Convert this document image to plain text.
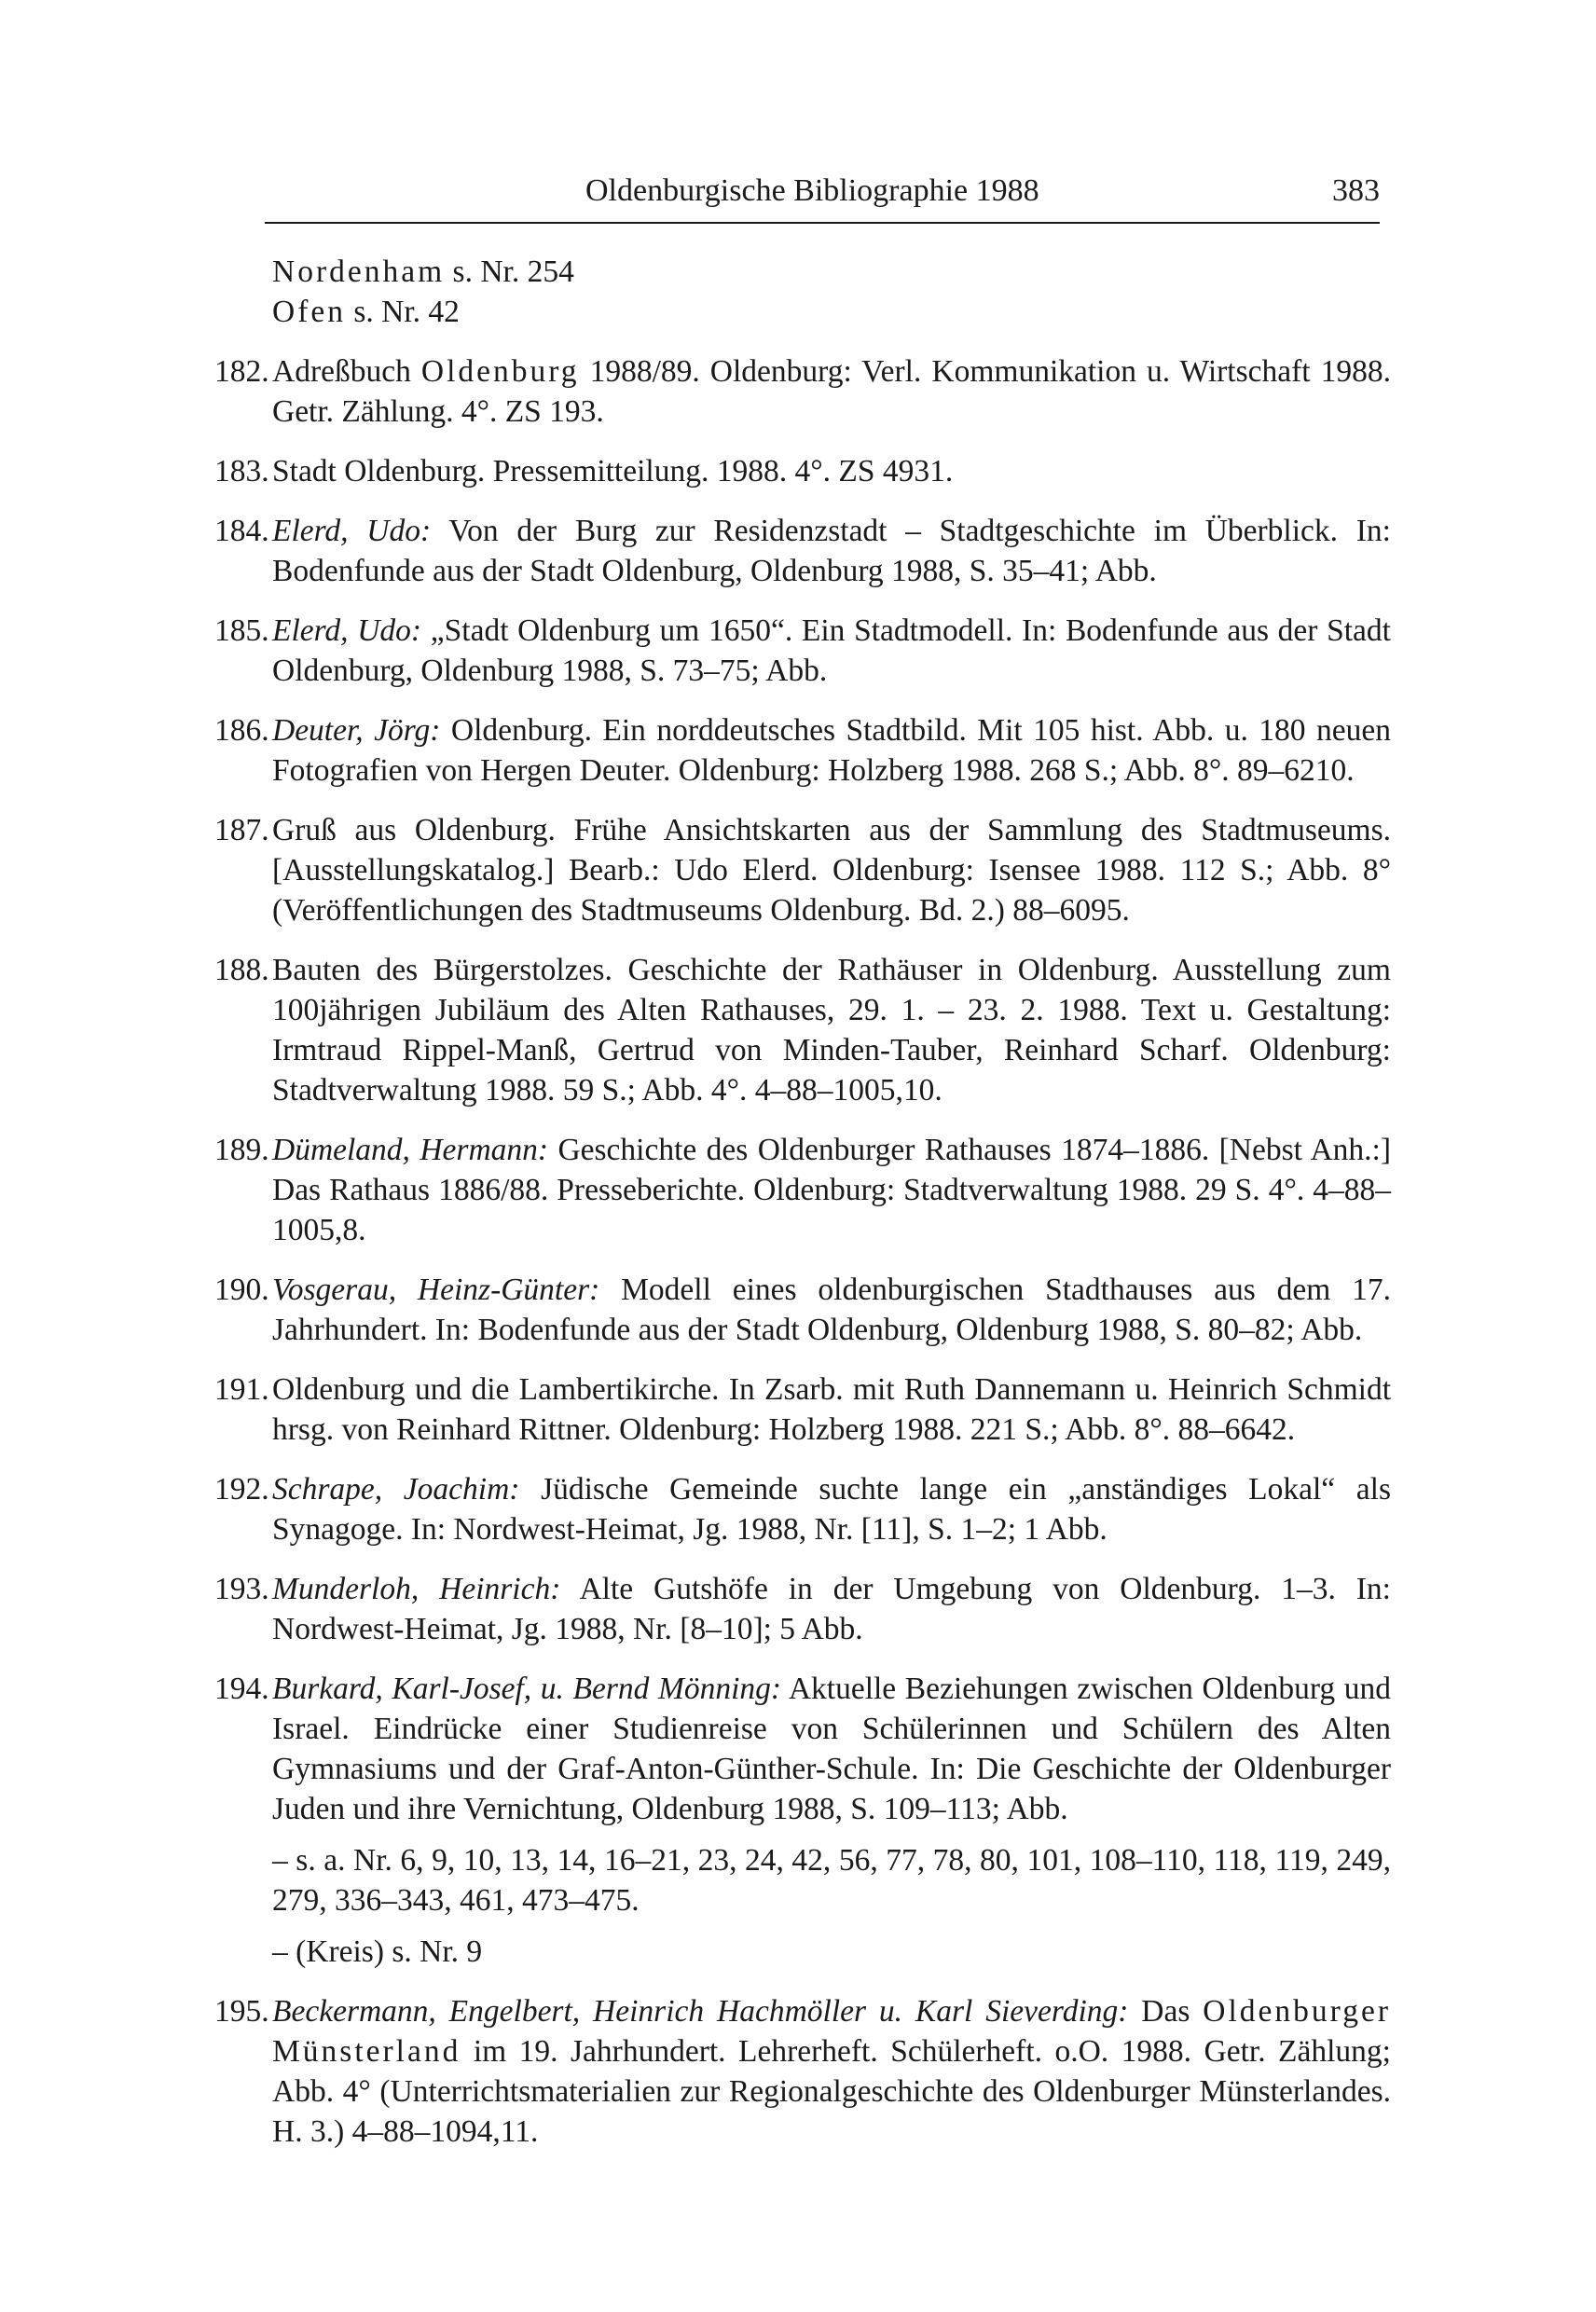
Oldenburgische Bibliographie 1988	383
Nordenham s. Nr. 254
Ofen s. Nr. 42
182. Adreßbuch Oldenburg 1988/89. Oldenburg: Verl. Kommunikation u. Wirtschaft 1988. Getr. Zählung. 4°. ZS 193.
183. Stadt Oldenburg. Pressemitteilung. 1988. 4°. ZS 4931.
184. Elerd, Udo: Von der Burg zur Residenzstadt – Stadtgeschichte im Überblick. In: Bodenfunde aus der Stadt Oldenburg, Oldenburg 1988, S. 35–41; Abb.
185. Elerd, Udo: „Stadt Oldenburg um 1650“. Ein Stadtmodell. In: Bodenfunde aus der Stadt Oldenburg, Oldenburg 1988, S. 73–75; Abb.
186. Deuter, Jörg: Oldenburg. Ein norddeutsches Stadtbild. Mit 105 hist. Abb. u. 180 neuen Fotografien von Hergen Deuter. Oldenburg: Holzberg 1988. 268 S.; Abb. 8°. 89–6210.
187. Gruß aus Oldenburg. Frühe Ansichtskarten aus der Sammlung des Stadtmuseums. [Ausstellungskatalog.] Bearb.: Udo Elerd. Oldenburg: Isensee 1988. 112 S.; Abb. 8° (Veröffentlichungen des Stadtmuseums Oldenburg. Bd. 2.) 88–6095.
188. Bauten des Bürgerstolzes. Geschichte der Rathäuser in Oldenburg. Ausstellung zum 100jährigen Jubiläum des Alten Rathauses, 29. 1. – 23. 2. 1988. Text u. Gestaltung: Irmtraud Rippel-Manß, Gertrud von Minden-Tauber, Reinhard Scharf. Oldenburg: Stadtverwaltung 1988. 59 S.; Abb. 4°. 4–88–1005,10.
189. Dümeland, Hermann: Geschichte des Oldenburger Rathauses 1874–1886. [Nebst Anh.:] Das Rathaus 1886/88. Presseberichte. Oldenburg: Stadtverwaltung 1988. 29 S. 4°. 4–88–1005,8.
190. Vosgerau, Heinz-Günter: Modell eines oldenburgischen Stadthauses aus dem 17. Jahrhundert. In: Bodenfunde aus der Stadt Oldenburg, Oldenburg 1988, S. 80–82; Abb.
191. Oldenburg und die Lambertikirche. In Zsarb. mit Ruth Dannemann u. Heinrich Schmidt hrsg. von Reinhard Rittner. Oldenburg: Holzberg 1988. 221 S.; Abb. 8°. 88–6642.
192. Schrape, Joachim: Jüdische Gemeinde suchte lange ein „anständiges Lokal“ als Synagoge. In: Nordwest-Heimat, Jg. 1988, Nr. [11], S. 1–2; 1 Abb.
193. Munderloh, Heinrich: Alte Gutshöfe in der Umgebung von Oldenburg. 1–3. In: Nordwest-Heimat, Jg. 1988, Nr. [8–10]; 5 Abb.
194. Burkard, Karl-Josef, u. Bernd Mönning: Aktuelle Beziehungen zwischen Oldenburg und Israel. Eindrücke einer Studienreise von Schülerinnen und Schülern des Alten Gymnasiums und der Graf-Anton-Günther-Schule. In: Die Geschichte der Oldenburger Juden und ihre Vernichtung, Oldenburg 1988, S. 109–113; Abb.
– s. a. Nr. 6, 9, 10, 13, 14, 16–21, 23, 24, 42, 56, 77, 78, 80, 101, 108–110, 118, 119, 249, 279, 336–343, 461, 473–475.
– (Kreis) s. Nr. 9
195. Beckermann, Engelbert, Heinrich Hachmöller u. Karl Sieverding: Das Oldenburger Münsterland im 19. Jahrhundert. Lehrerheft. Schülerheft. o.O. 1988. Getr. Zählung; Abb. 4° (Unterrichtsmaterialien zur Regionalgeschichte des Oldenburger Münsterlandes. H. 3.) 4–88–1094,11.
